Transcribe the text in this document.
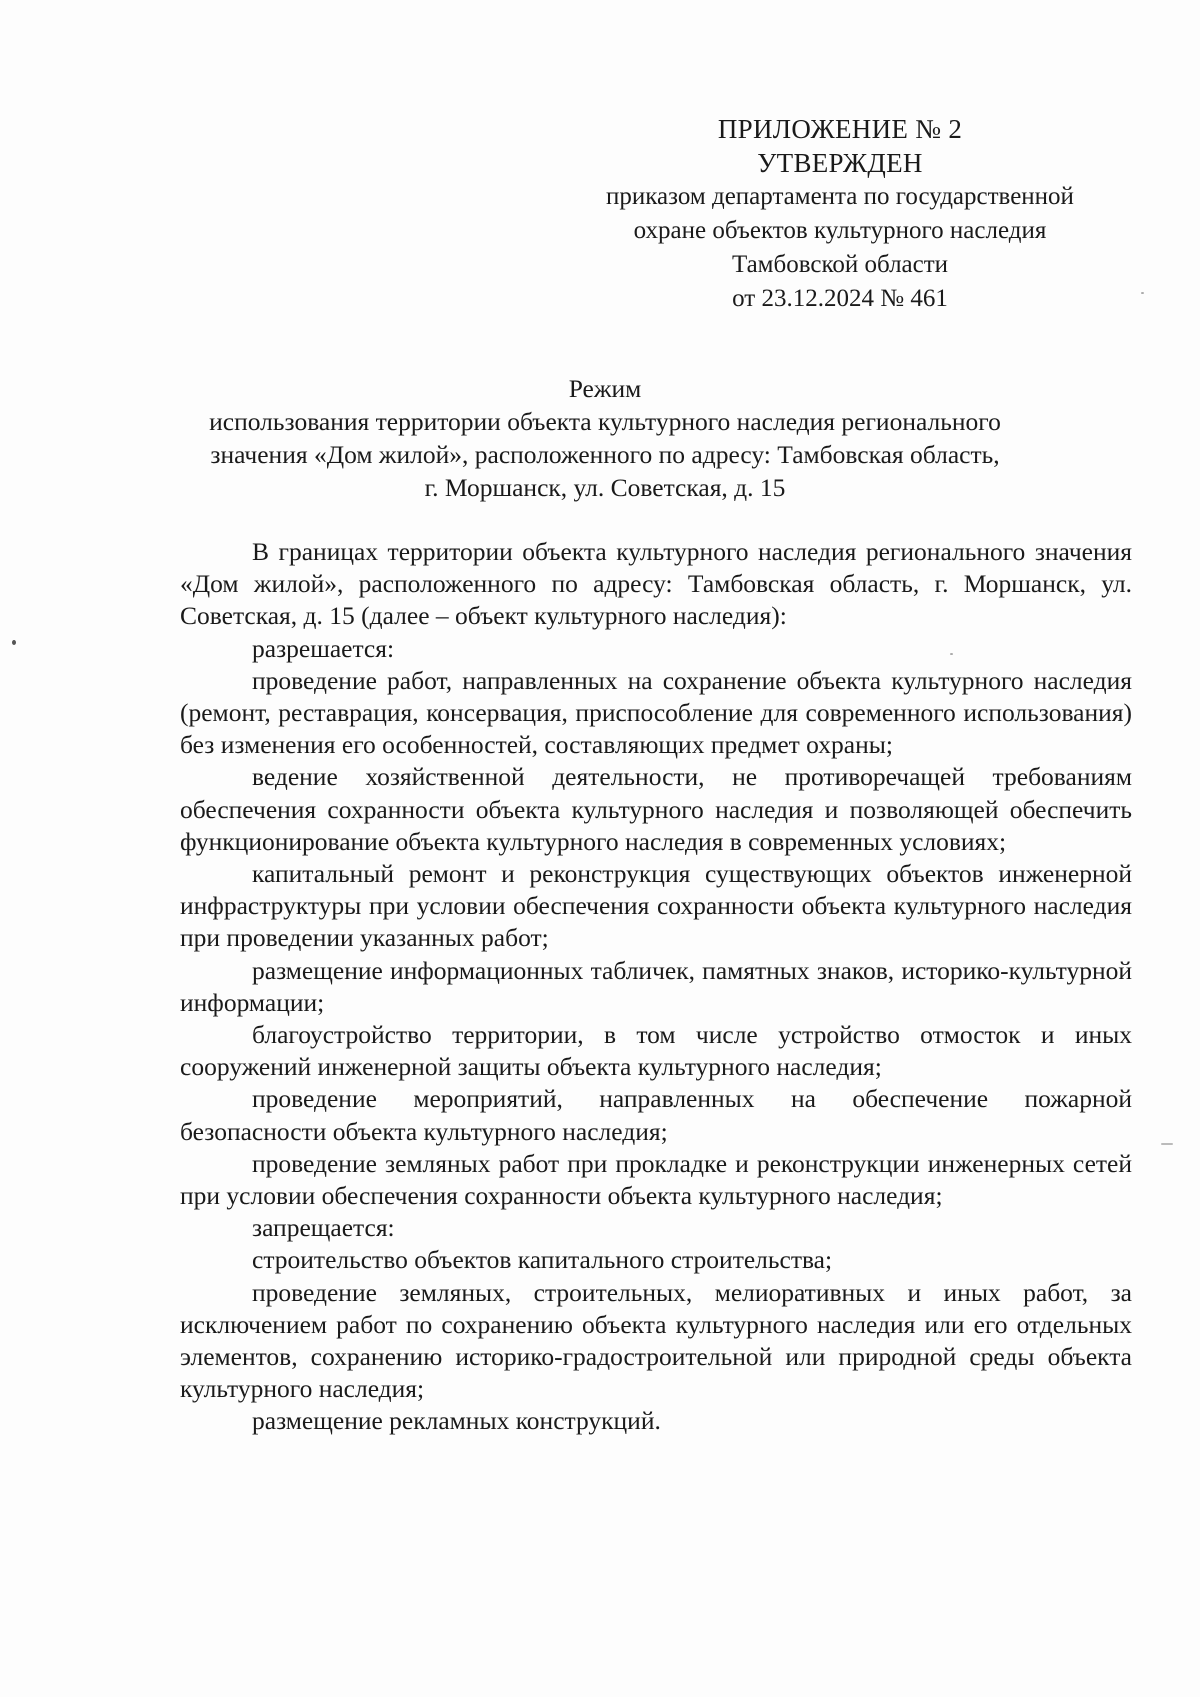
ПРИЛОЖЕНИЕ № 2
УТВЕРЖДЕН
приказом департамента по государственной
охране объектов культурного наследия
Тамбовской области
от 23.12.2024 № 461
Режим
использования территории объекта культурного наследия регионального
значения «Дом жилой», расположенного по адресу: Тамбовская область,
г. Моршанск, ул. Советская, д. 15

В границах территории объекта культурного наследия регионального значения «Дом жилой», расположенного по адресу: Тамбовская область, г. Моршанск, ул. Советская, д. 15 (далее – объект культурного наследия):

разрешается:

проведение работ, направленных на сохранение объекта культурного наследия (ремонт, реставрация, консервация, приспособление для современного использования) без изменения его особенностей, составляющих предмет охраны;

ведение хозяйственной деятельности, не противоречащей требованиям обеспечения сохранности объекта культурного наследия и позволяющей обеспечить функционирование объекта культурного наследия в современных условиях;

капитальный ремонт и реконструкция существующих объектов инженерной инфраструктуры при условии обеспечения сохранности объекта культурного наследия при проведении указанных работ;

размещение информационных табличек, памятных знаков, историко-культурной информации;

благоустройство территории, в том числе устройство отмосток и иных сооружений инженерной защиты объекта культурного наследия;

проведение мероприятий, направленных на обеспечение пожарной безопасности объекта культурного наследия;

проведение земляных работ при прокладке и реконструкции инженерных сетей при условии обеспечения сохранности объекта культурного наследия;

запрещается:

строительство объектов капитального строительства;

проведение земляных, строительных, мелиоративных и иных работ, за исключением работ по сохранению объекта культурного наследия или его отдельных элементов, сохранению историко-градостроительной или природной среды объекта культурного наследия;

размещение рекламных конструкций.
